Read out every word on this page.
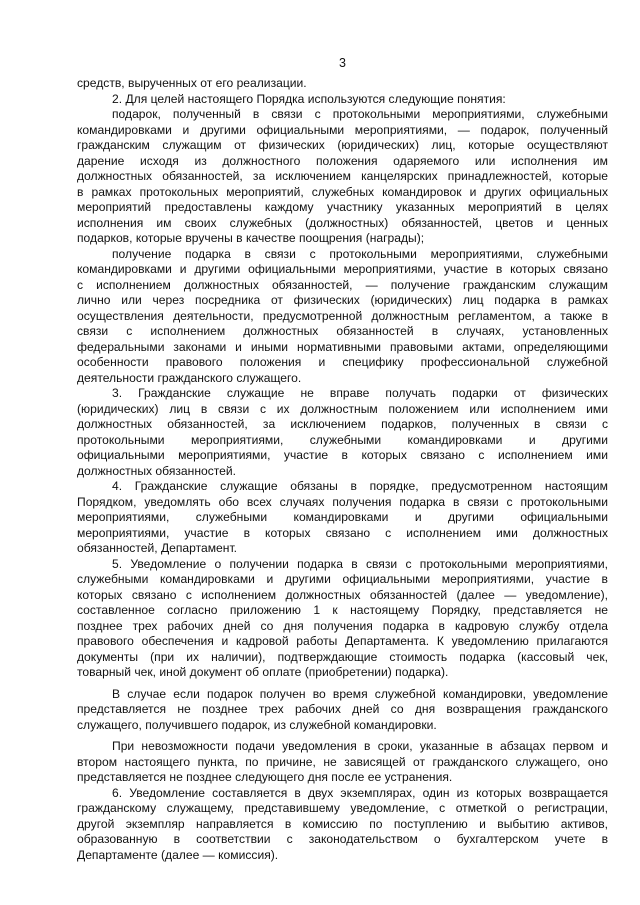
3
средств, вырученных от его реализации.
2. Для целей настоящего Порядка используются следующие понятия:
подарок, полученный в связи с протокольными мероприятиями, служебными
командировками и другими официальными мероприятиями, — подарок, полученный
гражданским служащим от физических (юридических) лиц, которые осуществляют
дарение исходя из должностного положения одаряемого или исполнения им
должностных обязанностей, за исключением канцелярских принадлежностей, которые
в рамках протокольных мероприятий, служебных командировок и других официальных
мероприятий предоставлены каждому участнику указанных мероприятий в целях
исполнения им своих служебных (должностных) обязанностей, цветов и ценных
подарков, которые вручены в качестве поощрения (награды);
получение подарка в связи с протокольными мероприятиями, служебными
командировками и другими официальными мероприятиями, участие в которых связано
с исполнением должностных обязанностей, — получение гражданским служащим
лично или через посредника от физических (юридических) лиц подарка в рамках
осуществления деятельности, предусмотренной должностным регламентом, а также в
связи с исполнением должностных обязанностей в случаях, установленных
федеральными законами и иными нормативными правовыми актами, определяющими
особенности правового положения и специфику профессиональной служебной
деятельности гражданского служащего.
3. Гражданские служащие не вправе получать подарки от физических
(юридических) лиц в связи с их должностным положением или исполнением ими
должностных обязанностей, за исключением подарков, полученных в связи с
протокольными мероприятиями, служебными командировками и другими
официальными мероприятиями, участие в которых связано с исполнением ими
должностных обязанностей.
4. Гражданские служащие обязаны в порядке, предусмотренном настоящим
Порядком, уведомлять обо всех случаях получения подарка в связи с протокольными
мероприятиями, служебными командировками и другими официальными
мероприятиями, участие в которых связано с исполнением ими должностных
обязанностей, Департамент.
5. Уведомление о получении подарка в связи с протокольными мероприятиями,
служебными командировками и другими официальными мероприятиями, участие в
которых связано с исполнением должностных обязанностей (далее — уведомление),
составленное согласно приложению 1 к настоящему Порядку, представляется не
позднее трех рабочих дней со дня получения подарка в кадровую службу отдела
правового обеспечения и кадровой работы Департамента. К уведомлению прилагаются
документы (при их наличии), подтверждающие стоимость подарка (кассовый чек,
товарный чек, иной документ об оплате (приобретении) подарка).
В случае если подарок получен во время служебной командировки, уведомление
представляется не позднее трех рабочих дней со дня возвращения гражданского
служащего, получившего подарок, из служебной командировки.
При невозможности подачи уведомления в сроки, указанные в абзацах первом и
втором настоящего пункта, по причине, не зависящей от гражданского служащего, оно
представляется не позднее следующего дня после ее устранения.
6. Уведомление составляется в двух экземплярах, один из которых возвращается
гражданскому служащему, представившему уведомление, с отметкой о регистрации,
другой экземпляр направляется в комиссию по поступлению и выбытию активов,
образованную в соответствии с законодательством о бухгалтерском учете в
Департаменте (далее — комиссия).
